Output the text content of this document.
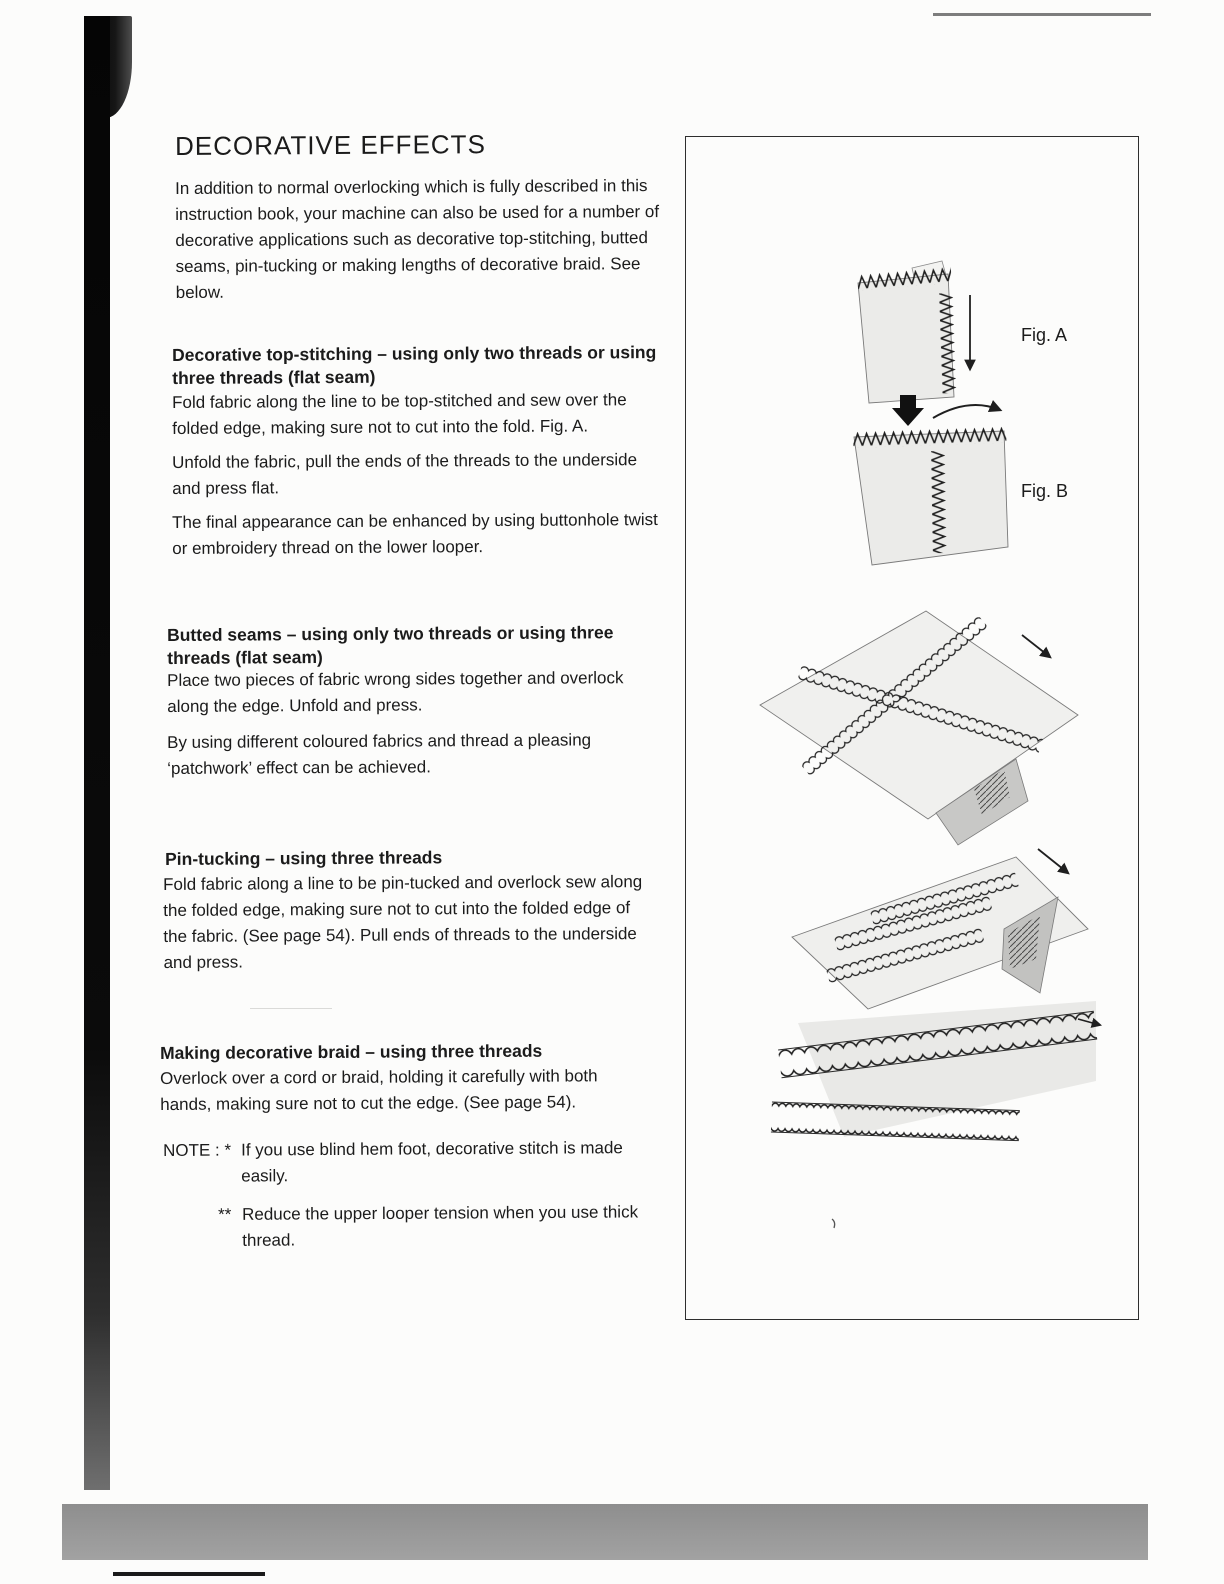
DECORATIVE EFFECTS

In addition to normal overlocking which is fully described in this instruction book, your machine can also be used for a number of decorative applications such as decorative top-stitching, butted seams, pin-tucking or making lengths of decorative braid. See below.

Decorative top-stitching – using only two threads or using three threads (flat seam)

Fold fabric along the line to be top-stitched and sew over the folded edge, making sure not to cut into the fold. Fig. A.

Unfold the fabric, pull the ends of the threads to the underside and press flat.

The final appearance can be enhanced by using buttonhole twist or embroidery thread on the lower looper.

Butted seams – using only two threads or using three threads (flat seam)

Place two pieces of fabric wrong sides together and overlock along the edge. Unfold and press.

By using different coloured fabrics and thread a pleasing ‘patchwork’ effect can be achieved.

Pin-tucking – using three threads

Fold fabric along a line to be pin-tucked and overlock sew along the folded edge, making sure not to cut into the folded edge of the fabric. (See page 54). Pull ends of threads to the underside and press.

Making decorative braid – using three threads

Overlock over a cord or braid, holding it carefully with both hands, making sure not to cut the edge. (See page 54).

NOTE : * If you use blind hem foot, decorative stitch is made easily.
** Reduce the upper looper tension when you use thick thread.
Fig. A
Fig. B
